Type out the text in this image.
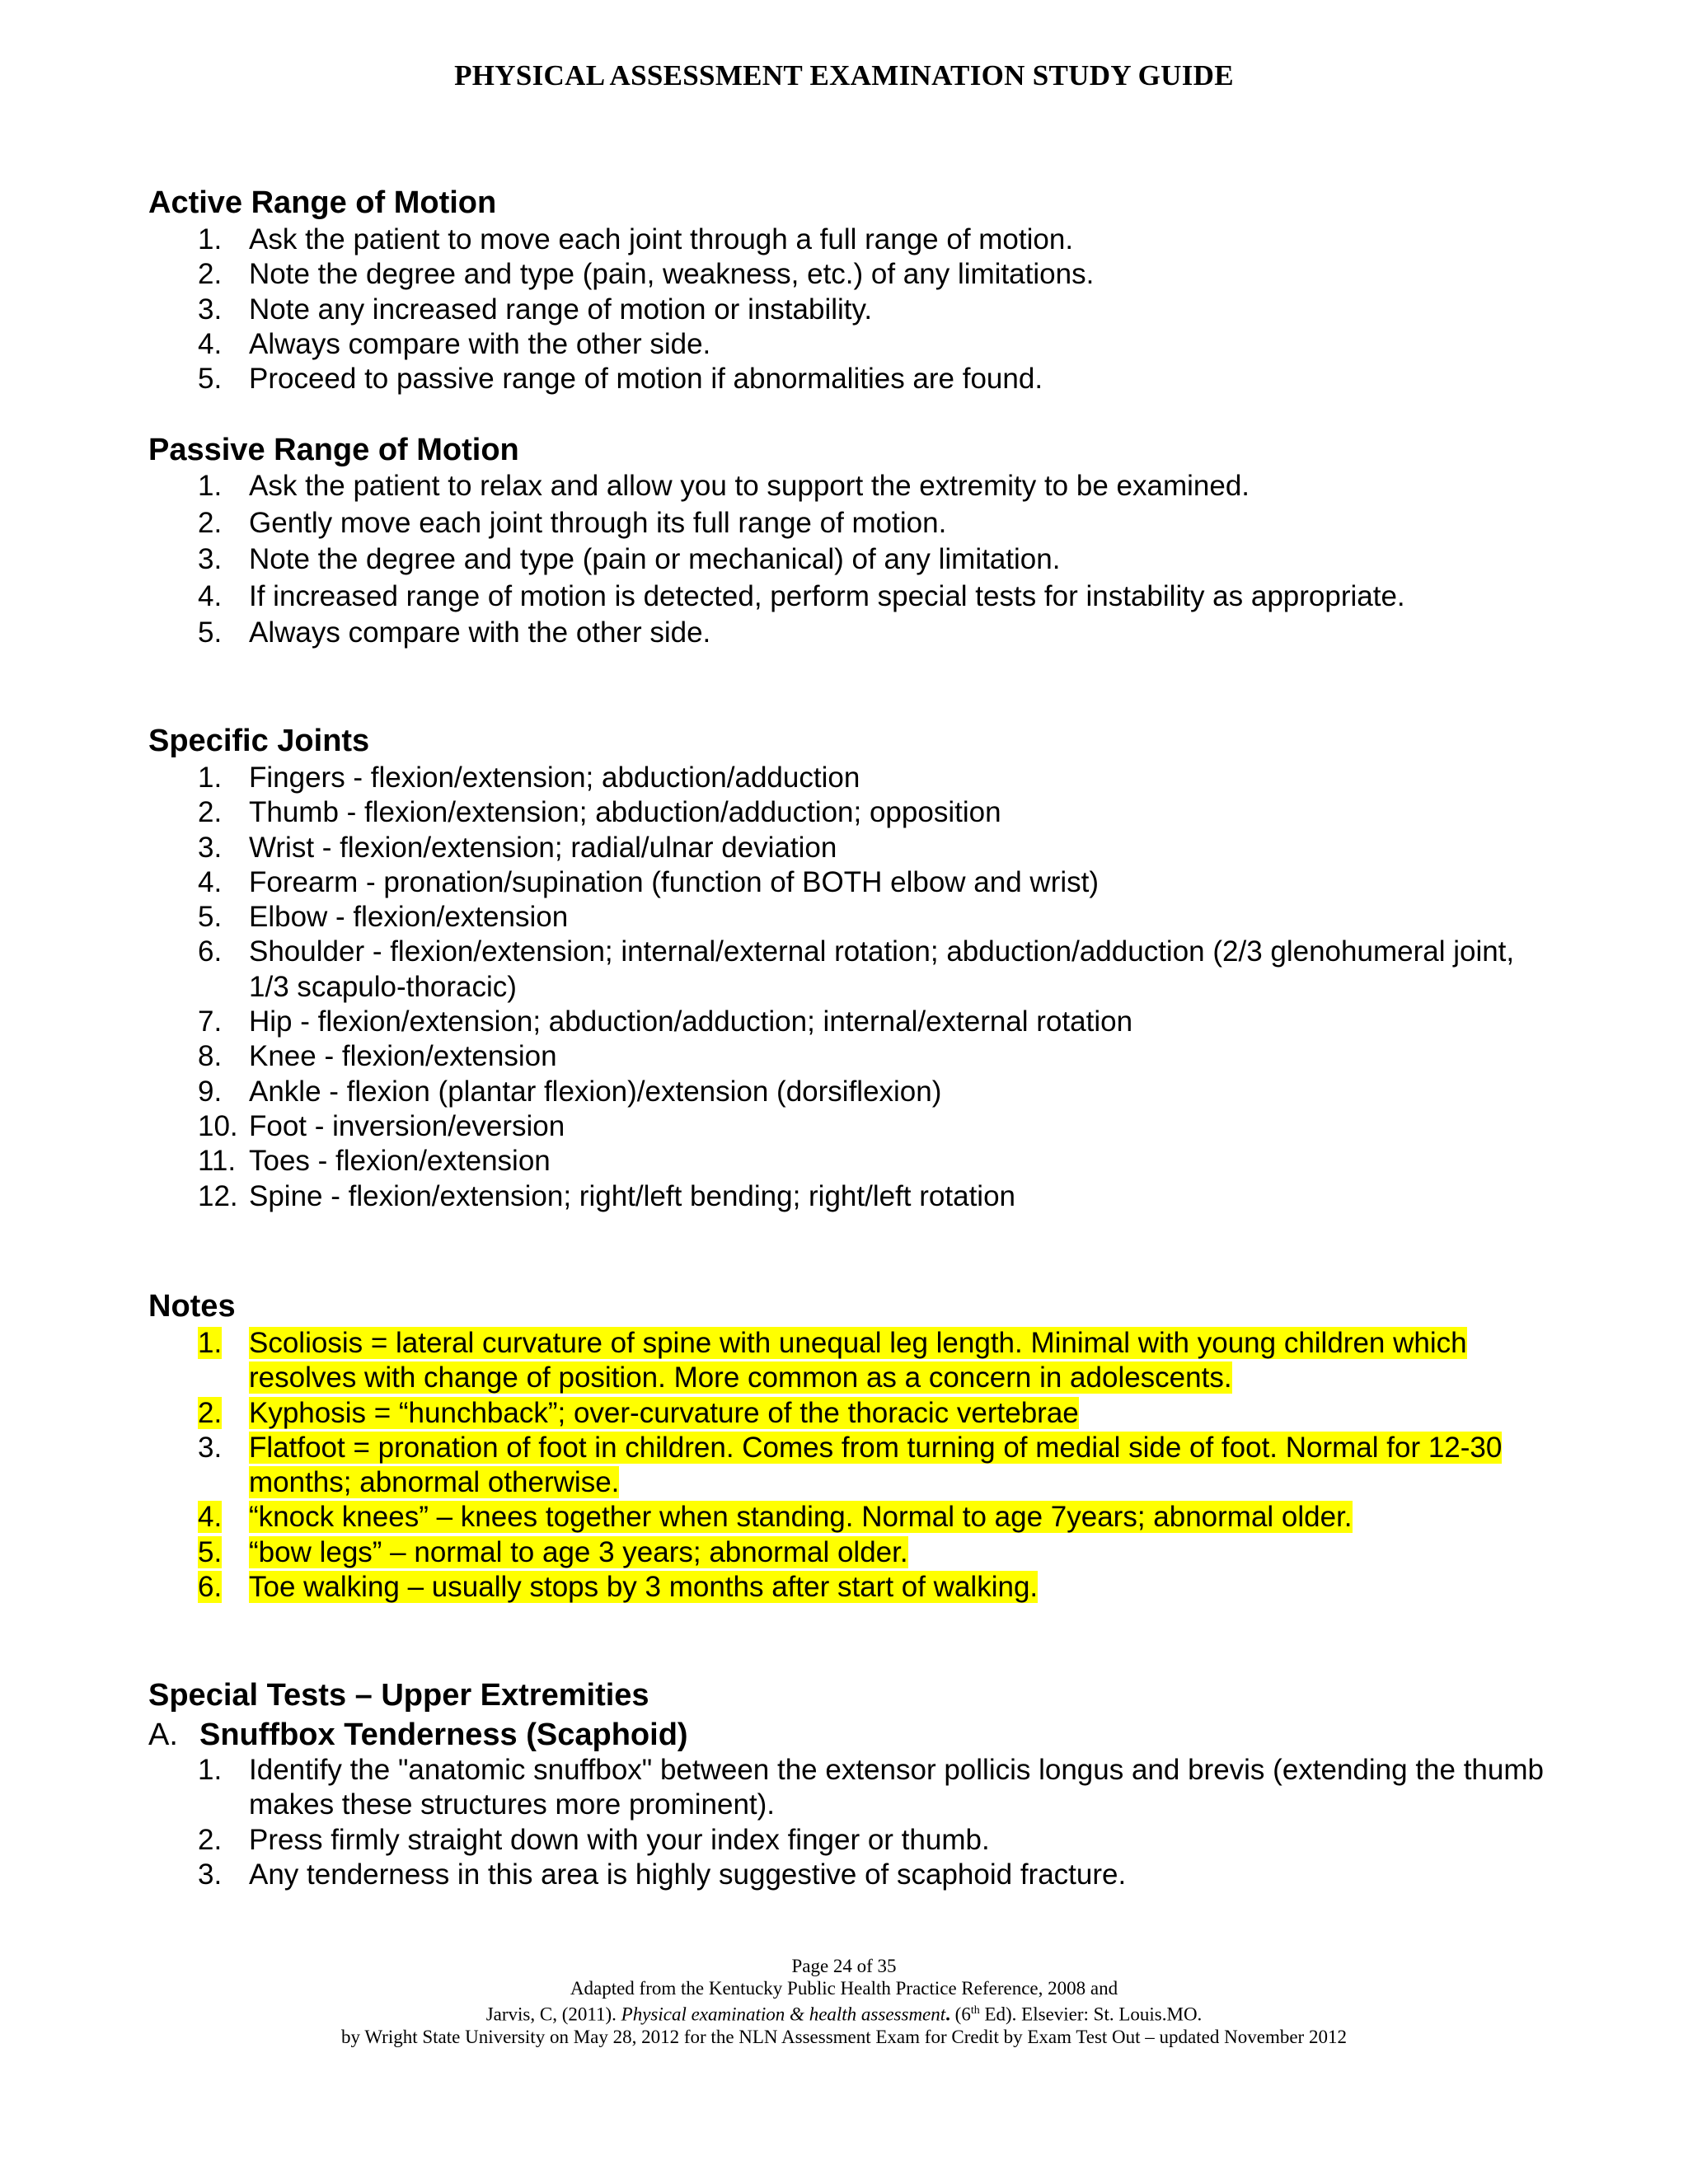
PHYSICAL ASSESSMENT EXAMINATION STUDY GUIDE
Active Range of Motion
1. Ask the patient to move each joint through a full range of motion.
2. Note the degree and type (pain, weakness, etc.) of any limitations.
3. Note any increased range of motion or instability.
4. Always compare with the other side.
5. Proceed to passive range of motion if abnormalities are found.
Passive Range of Motion
1. Ask the patient to relax and allow you to support the extremity to be examined.
2. Gently move each joint through its full range of motion.
3. Note the degree and type (pain or mechanical) of any limitation.
4. If increased range of motion is detected, perform special tests for instability as appropriate.
5. Always compare with the other side.
Specific Joints
1. Fingers - flexion/extension; abduction/adduction
2. Thumb - flexion/extension; abduction/adduction; opposition
3. Wrist - flexion/extension; radial/ulnar deviation
4. Forearm - pronation/supination (function of BOTH elbow and wrist)
5. Elbow - flexion/extension
6. Shoulder - flexion/extension; internal/external rotation; abduction/adduction (2/3 glenohumeral joint, 1/3 scapulo-thoracic)
7. Hip - flexion/extension; abduction/adduction; internal/external rotation
8. Knee - flexion/extension
9. Ankle - flexion (plantar flexion)/extension (dorsiflexion)
10. Foot - inversion/eversion
11. Toes - flexion/extension
12. Spine - flexion/extension; right/left bending; right/left rotation
Notes
1. Scoliosis = lateral curvature of spine with unequal leg length. Minimal with young children which resolves with change of position. More common as a concern in adolescents.
2. Kyphosis = “hunchback”; over-curvature of the thoracic vertebrae
3. Flatfoot = pronation of foot in children. Comes from turning of medial side of foot. Normal for 12-30 months; abnormal otherwise.
4. “knock knees” – knees together when standing. Normal to age 7years; abnormal older.
5. “bow legs” – normal to age 3 years; abnormal older.
6. Toe walking – usually stops by 3 months after start of walking.
Special Tests – Upper Extremities
A. Snuffbox Tenderness (Scaphoid)
1. Identify the "anatomic snuffbox" between the extensor pollicis longus and brevis (extending the thumb makes these structures more prominent).
2. Press firmly straight down with your index finger or thumb.
3. Any tenderness in this area is highly suggestive of scaphoid fracture.
Page 24 of 35
Adapted from the Kentucky Public Health Practice Reference, 2008 and
Jarvis, C, (2011). Physical examination & health assessment. (6th Ed). Elsevier: St. Louis.MO.
by Wright State University on May 28, 2012 for the NLN Assessment Exam for Credit by Exam Test Out – updated November 2012
